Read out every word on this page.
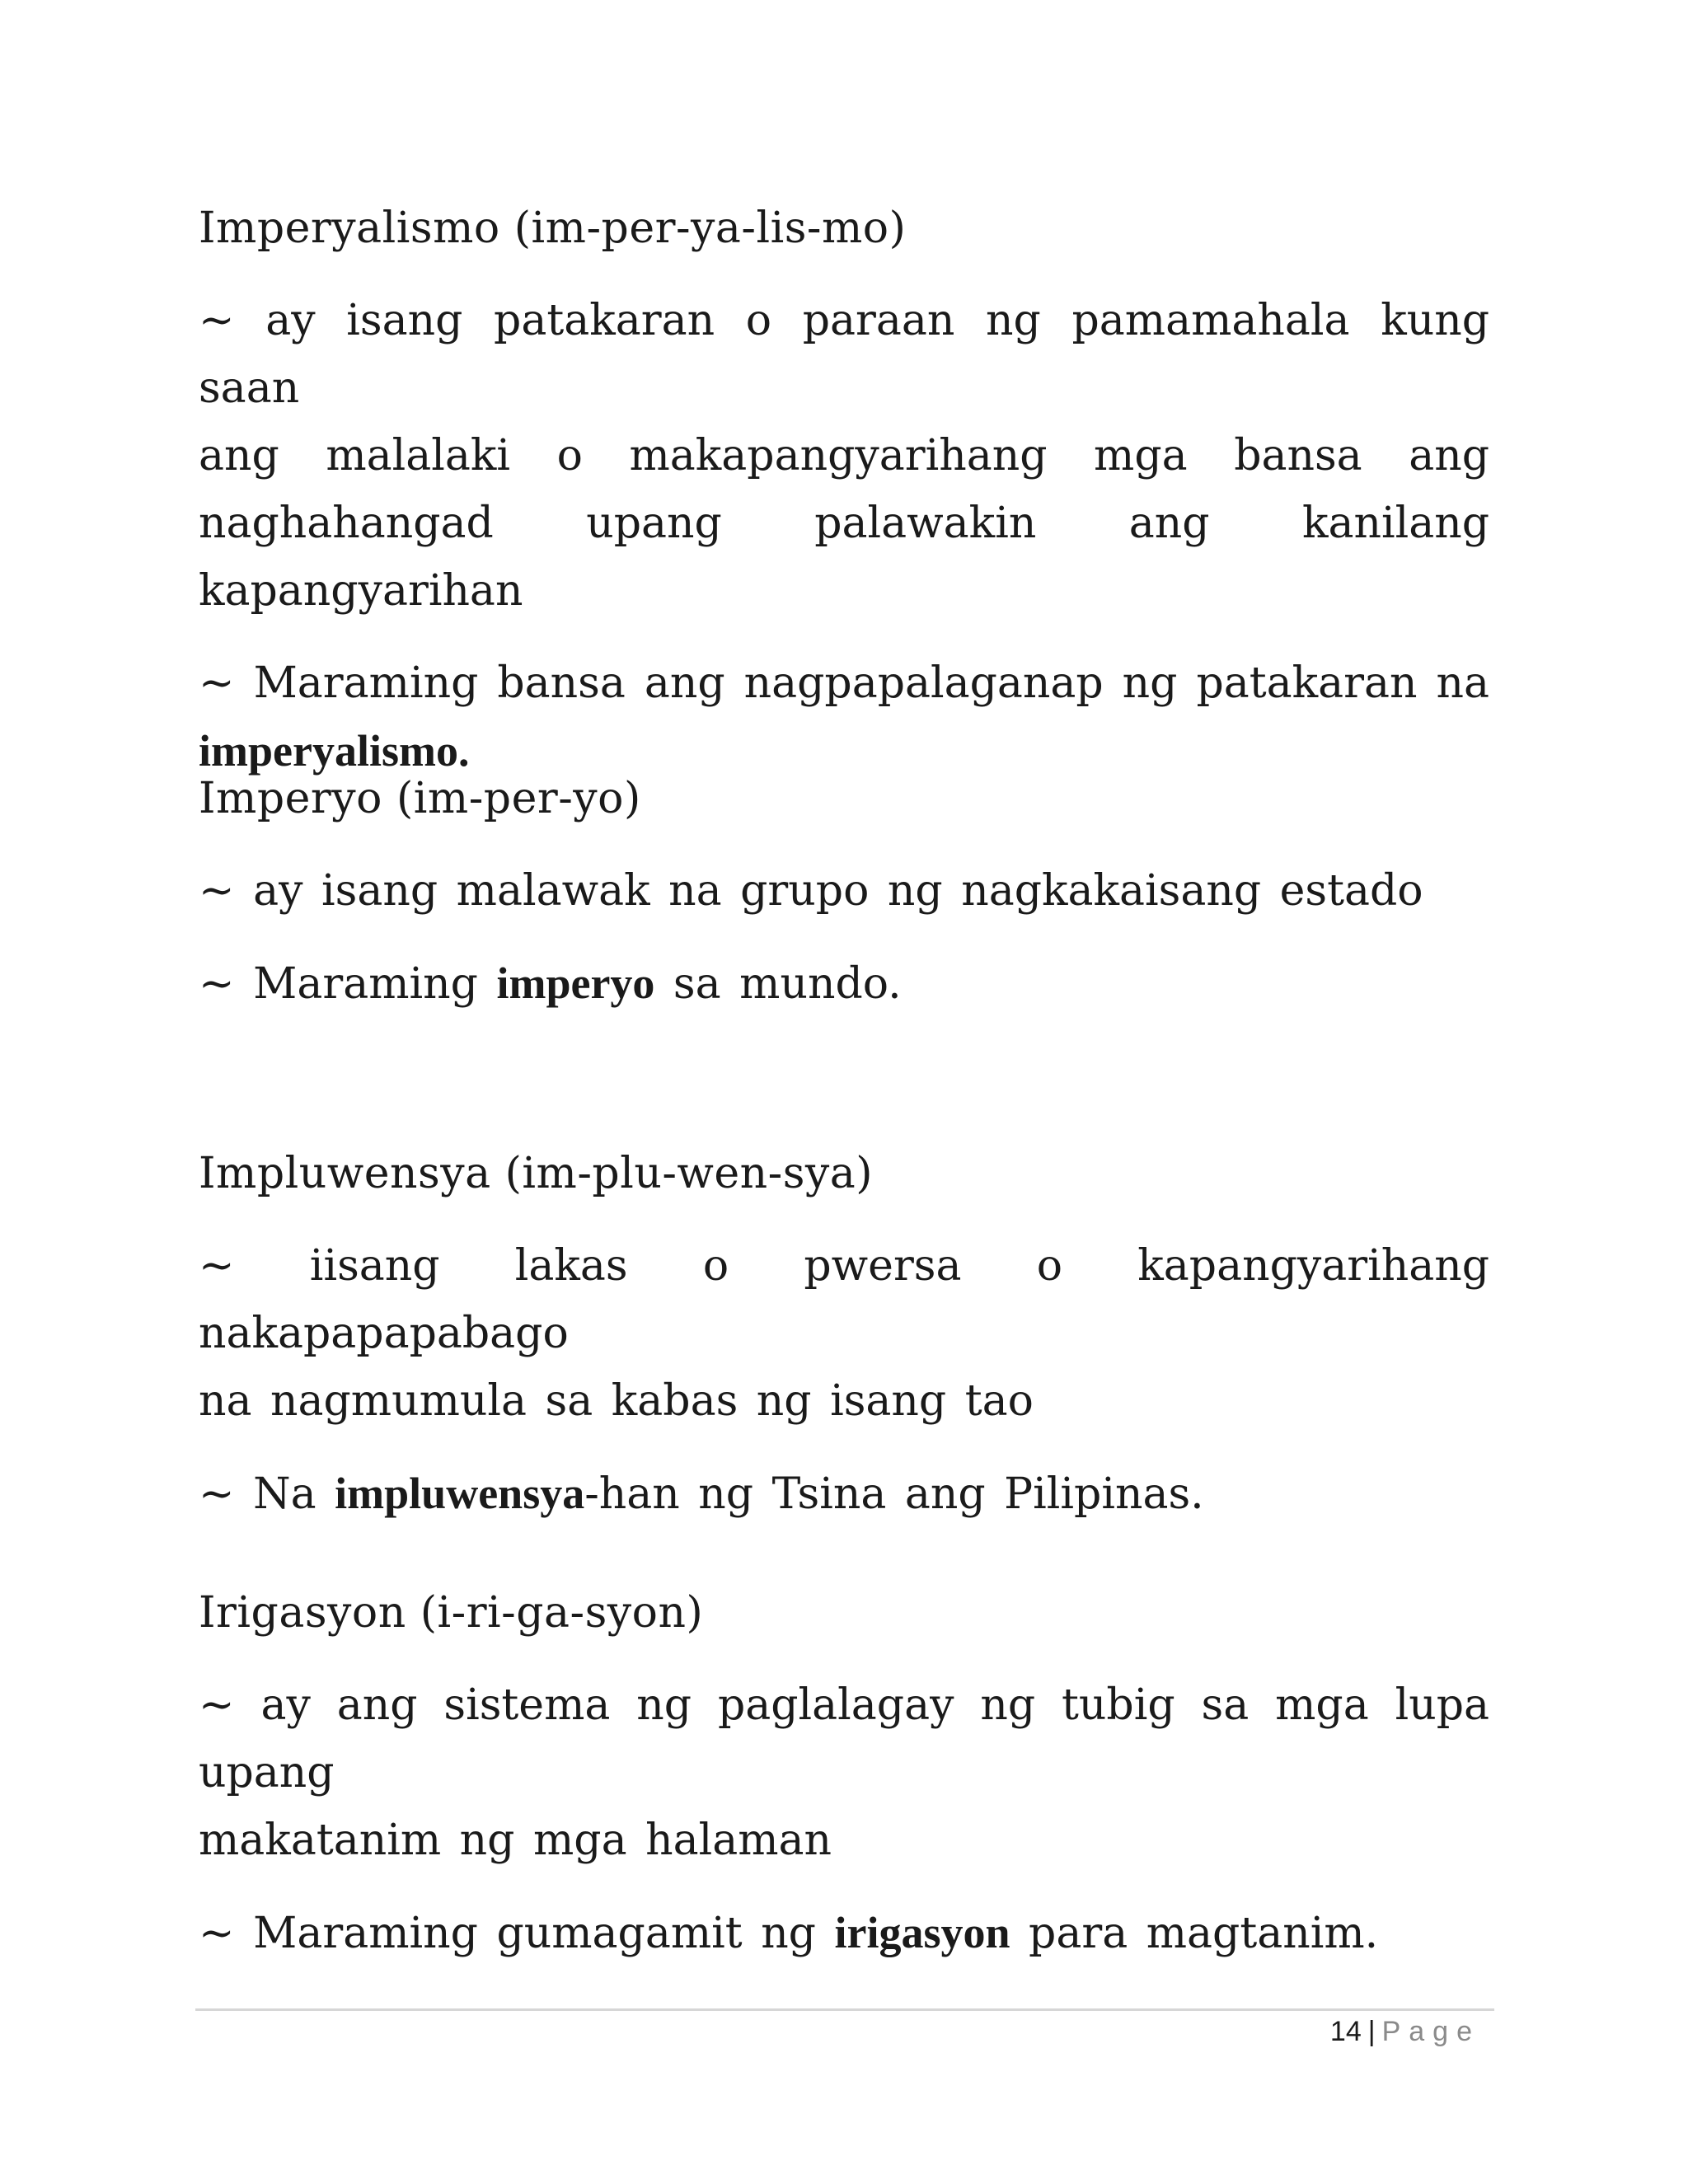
Imperyalismo (im-per-ya-lis-mo)

~ ay isang patakaran o paraan ng pamamahala kung saan

ang malalaki o makapangyarihang mga bansa ang

naghahangad upang palawakin ang kanilang kapangyarihan

~ Maraming bansa ang nagpapalaganap ng patakaran na

imperyalismo.

Imperyo (im-per-yo)

~ ay isang malawak na grupo ng nagkakaisang estado

~ Maraming imperyo sa mundo.

Impluwensya (im-plu-wen-sya)

~ iisang lakas o pwersa o kapangyarihang nakapapapabago

na nagmumula sa kabas ng isang tao

~ Na impluwensya-han ng Tsina ang Pilipinas.

Irigasyon (i-ri-ga-syon)

~ ay ang sistema ng paglalagay ng tubig sa mga lupa upang

makatanim ng mga halaman

~ Maraming gumagamit ng irigasyon para magtanim.

14 | Page
